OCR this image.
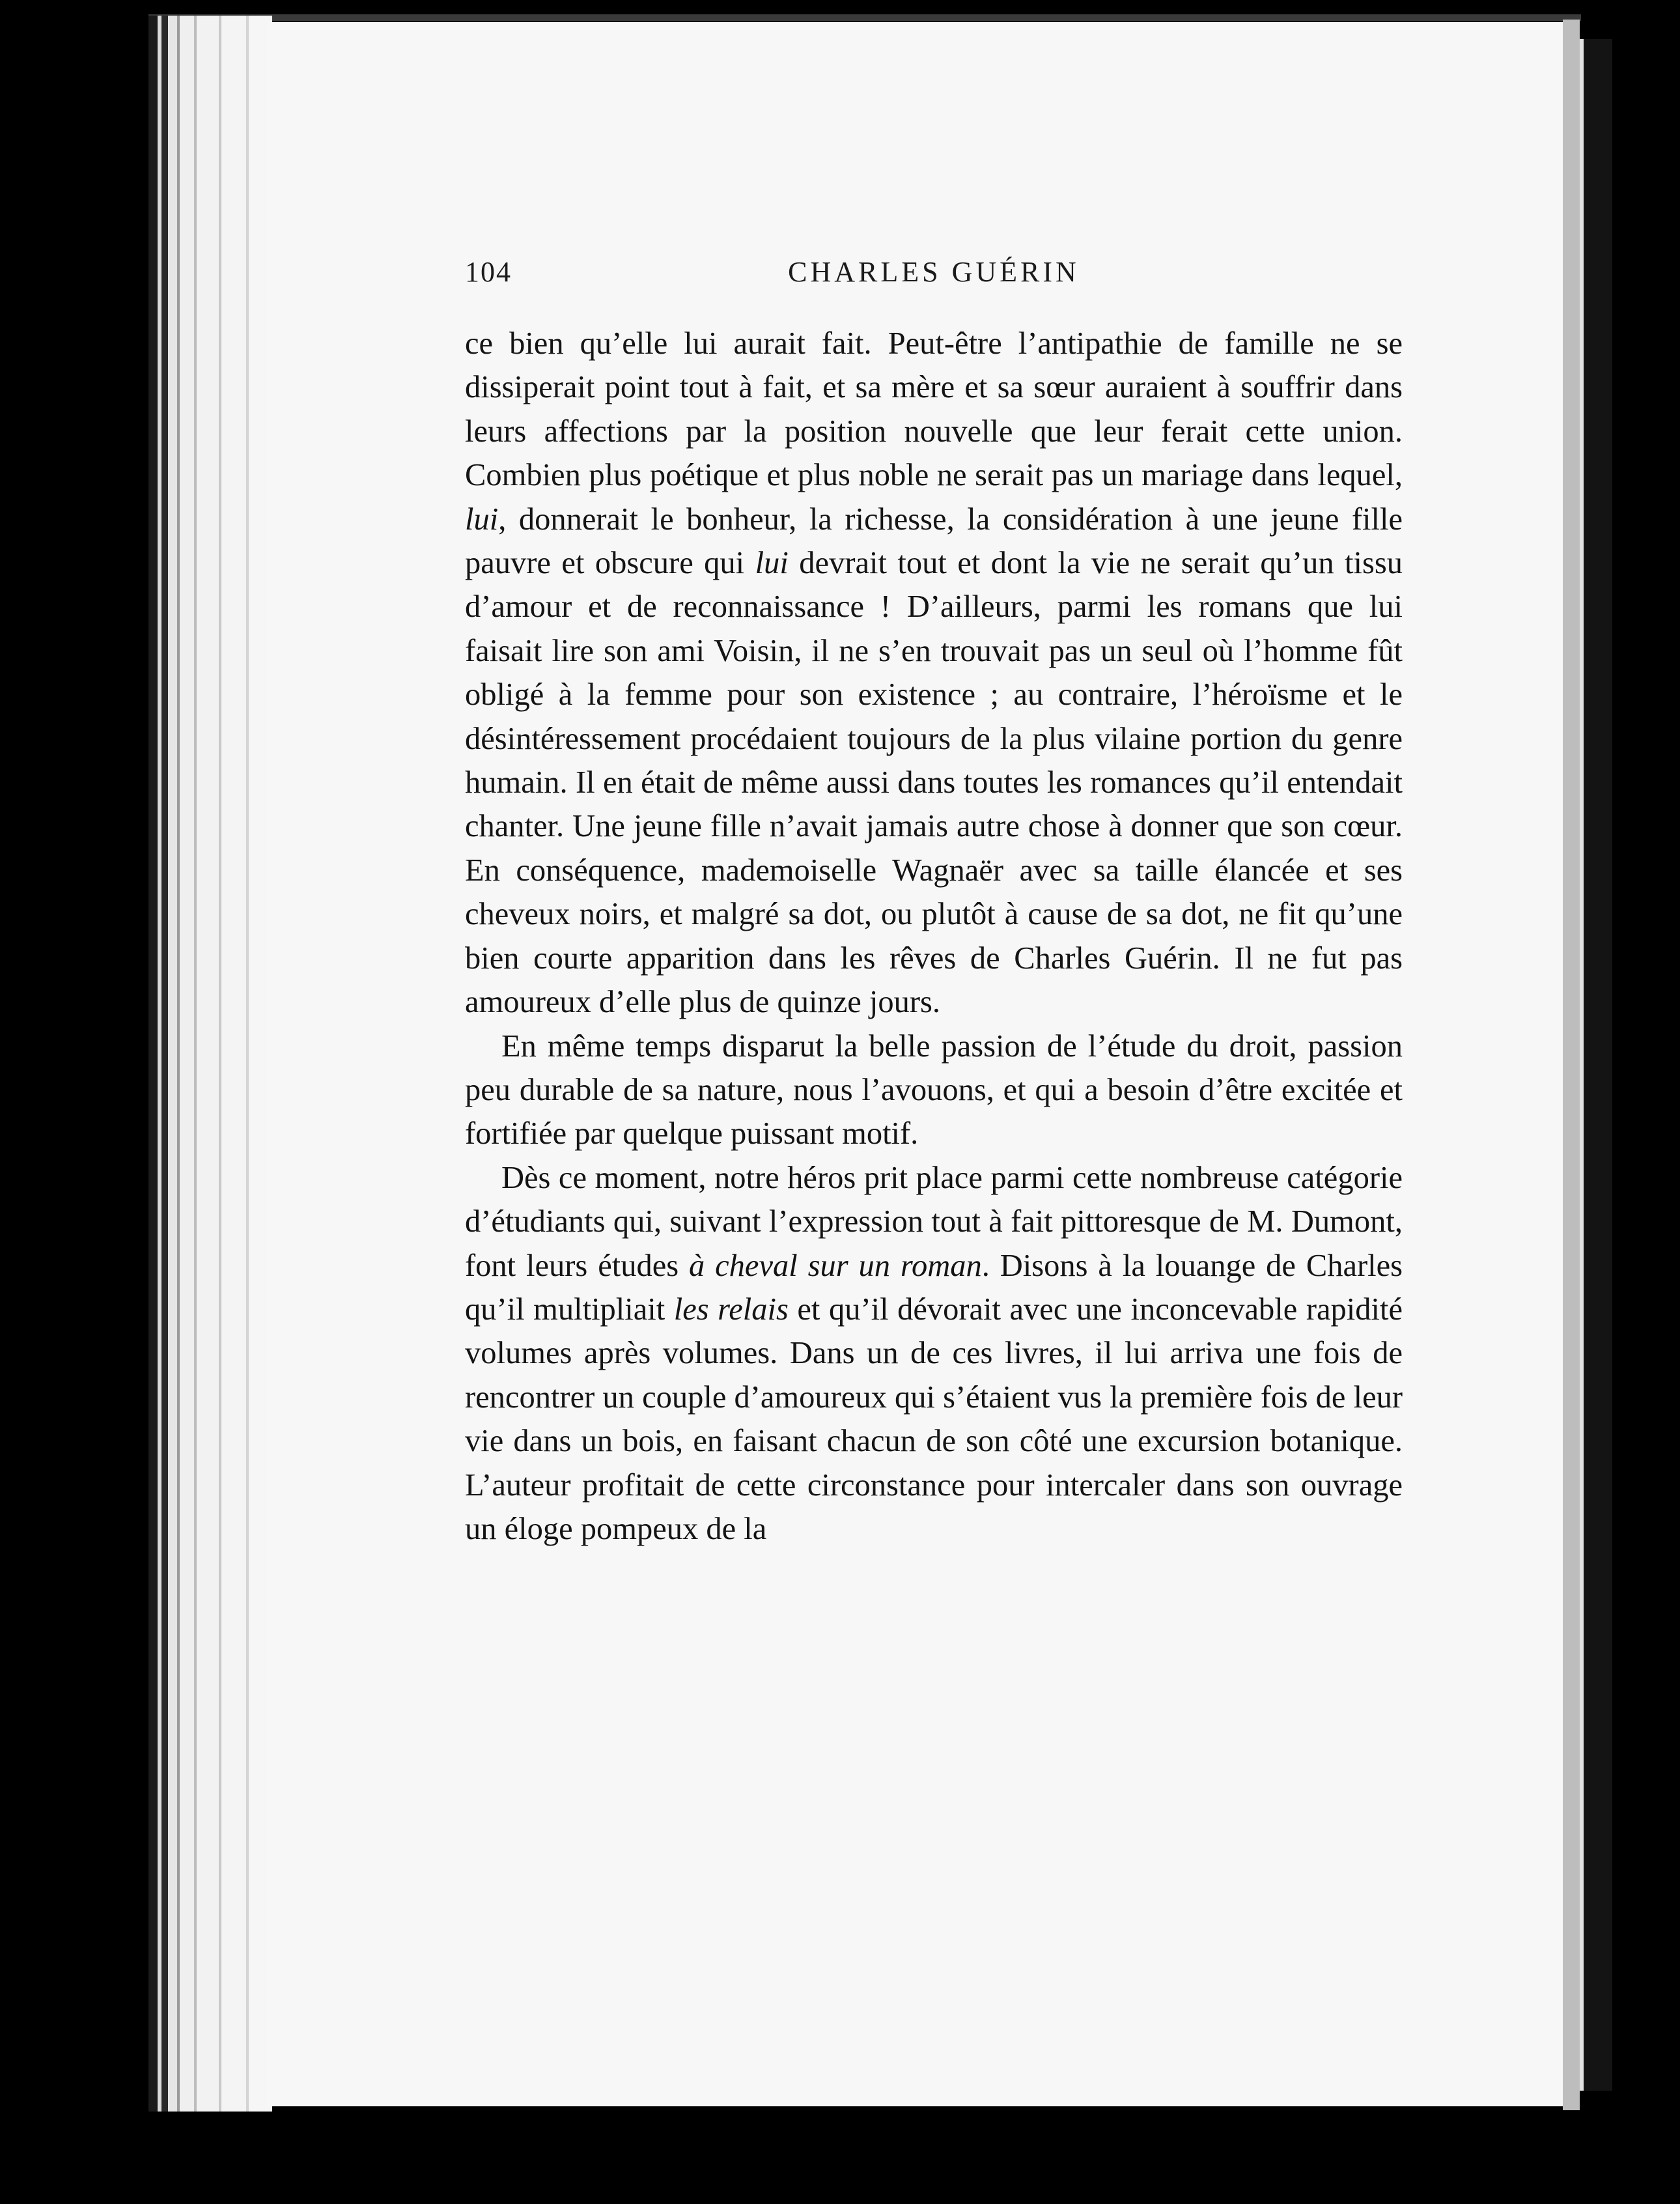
104	CHARLES GUÉRIN

ce bien qu’elle lui aurait fait. Peut-être l’antipathie de famille ne se dissiperait point tout à fait, et sa mère et sa sœur auraient à souffrir dans leurs affections par la position nouvelle que leur ferait cette union. Combien plus poétique et plus noble ne serait pas un mariage dans lequel, lui, donnerait le bonheur, la richesse, la considération à une jeune fille pauvre et obscure qui lui devrait tout et dont la vie ne serait qu’un tissu d’amour et de reconnaissance ! D’ailleurs, parmi les romans que lui faisait lire son ami Voisin, il ne s’en trouvait pas un seul où l’homme fût obligé à la femme pour son existence ; au contraire, l’héroïsme et le désintéressement procédaient toujours de la plus vilaine portion du genre humain. Il en était de même aussi dans toutes les romances qu’il entendait chanter. Une jeune fille n’avait jamais autre chose à donner que son cœur. En conséquence, mademoiselle Wagnaër avec sa taille élancée et ses cheveux noirs, et malgré sa dot, ou plutôt à cause de sa dot, ne fit qu’une bien courte apparition dans les rêves de Charles Guérin. Il ne fut pas amoureux d’elle plus de quinze jours.

En même temps disparut la belle passion de l’étude du droit, passion peu durable de sa nature, nous l’avouons, et qui a besoin d’être excitée et fortifiée par quelque puissant motif.

Dès ce moment, notre héros prit place parmi cette nombreuse catégorie d’étudiants qui, suivant l’expression tout à fait pittoresque de M. Dumont, font leurs études à cheval sur un roman. Disons à la louange de Charles qu’il multipliait les relais et qu’il dévorait avec une inconcevable rapidité volumes après volumes. Dans un de ces livres, il lui arriva une fois de rencontrer un couple d’amoureux qui s’étaient vus la première fois de leur vie dans un bois, en faisant chacun de son côté une excursion botanique. L’auteur profitait de cette circonstance pour intercaler dans son ouvrage un éloge pompeux de la
